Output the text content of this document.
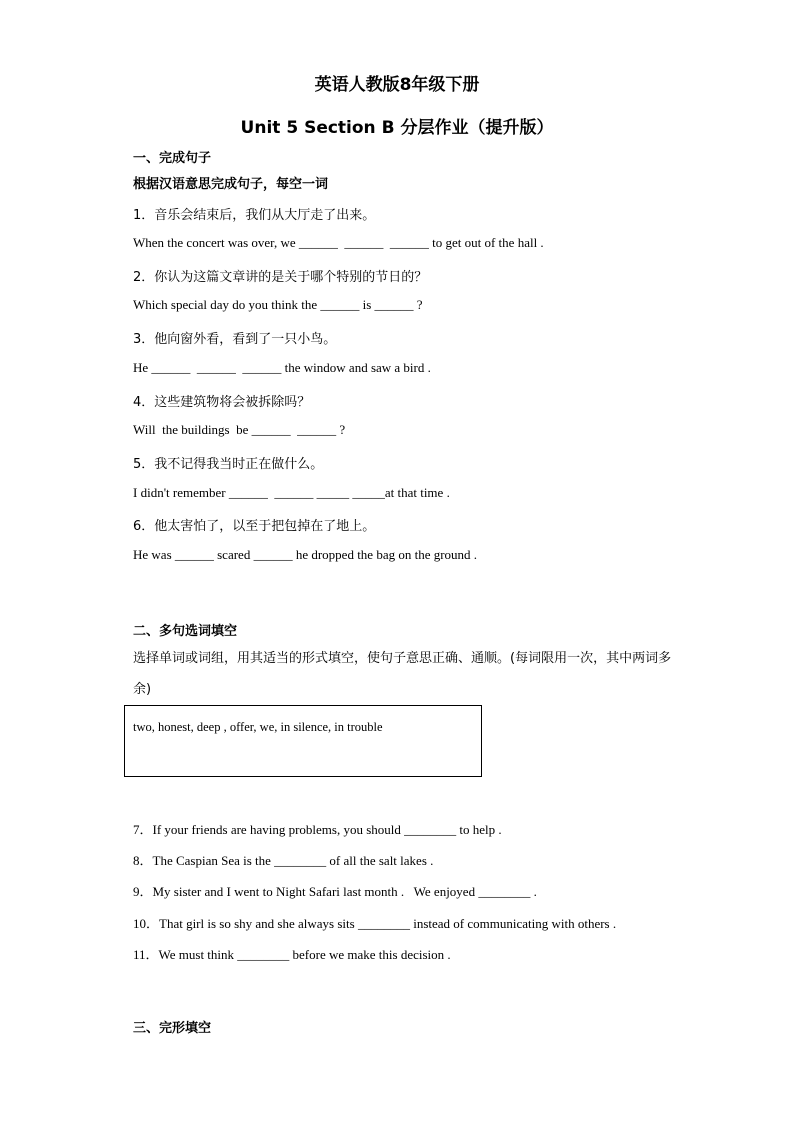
英语人教版8年级下册
Unit 5 Section B 分层作业（提升版）
一、完成句子
根据汉语意思完成句子，每空一词
1．音乐会结束后，我们从大厅走了出来。
When the concert was over, we ______  ______  ______ to get out of the hall .
2．你认为这篇文章讲的是关于哪个特别的节日的？
Which special day do you think the ______ is ______ ?
3．他向窗外看，看到了一只小鸟。
He ______  ______  ______ the window and saw a bird .
4．这些建筑物将会被拆除吗？
Will  the buildings  be ______  ______ ?
5．我不记得我当时正在做什么。
I didn't remember ______  ______ _____ _____at that time .
6．他太害怕了，以至于把包掉在了地上。
He was ______ scared ______ he dropped the bag on the ground .
二、多句选词填空
选择单词或词组，用其适当的形式填空，使句子意思正确、通顺。(每词限用一次，其中两词多余)
two, honest, deep , offer, we, in silence, in trouble
7．If your friends are having problems, you should ________ to help .
8．The Caspian Sea is the ________ of all the salt lakes .
9．My sister and I went to Night Safari last month .   We enjoyed ________ .
10．That girl is so shy and she always sits ________ instead of communicating with others .
11．We must think ________ before we make this decision .
三、完形填空
